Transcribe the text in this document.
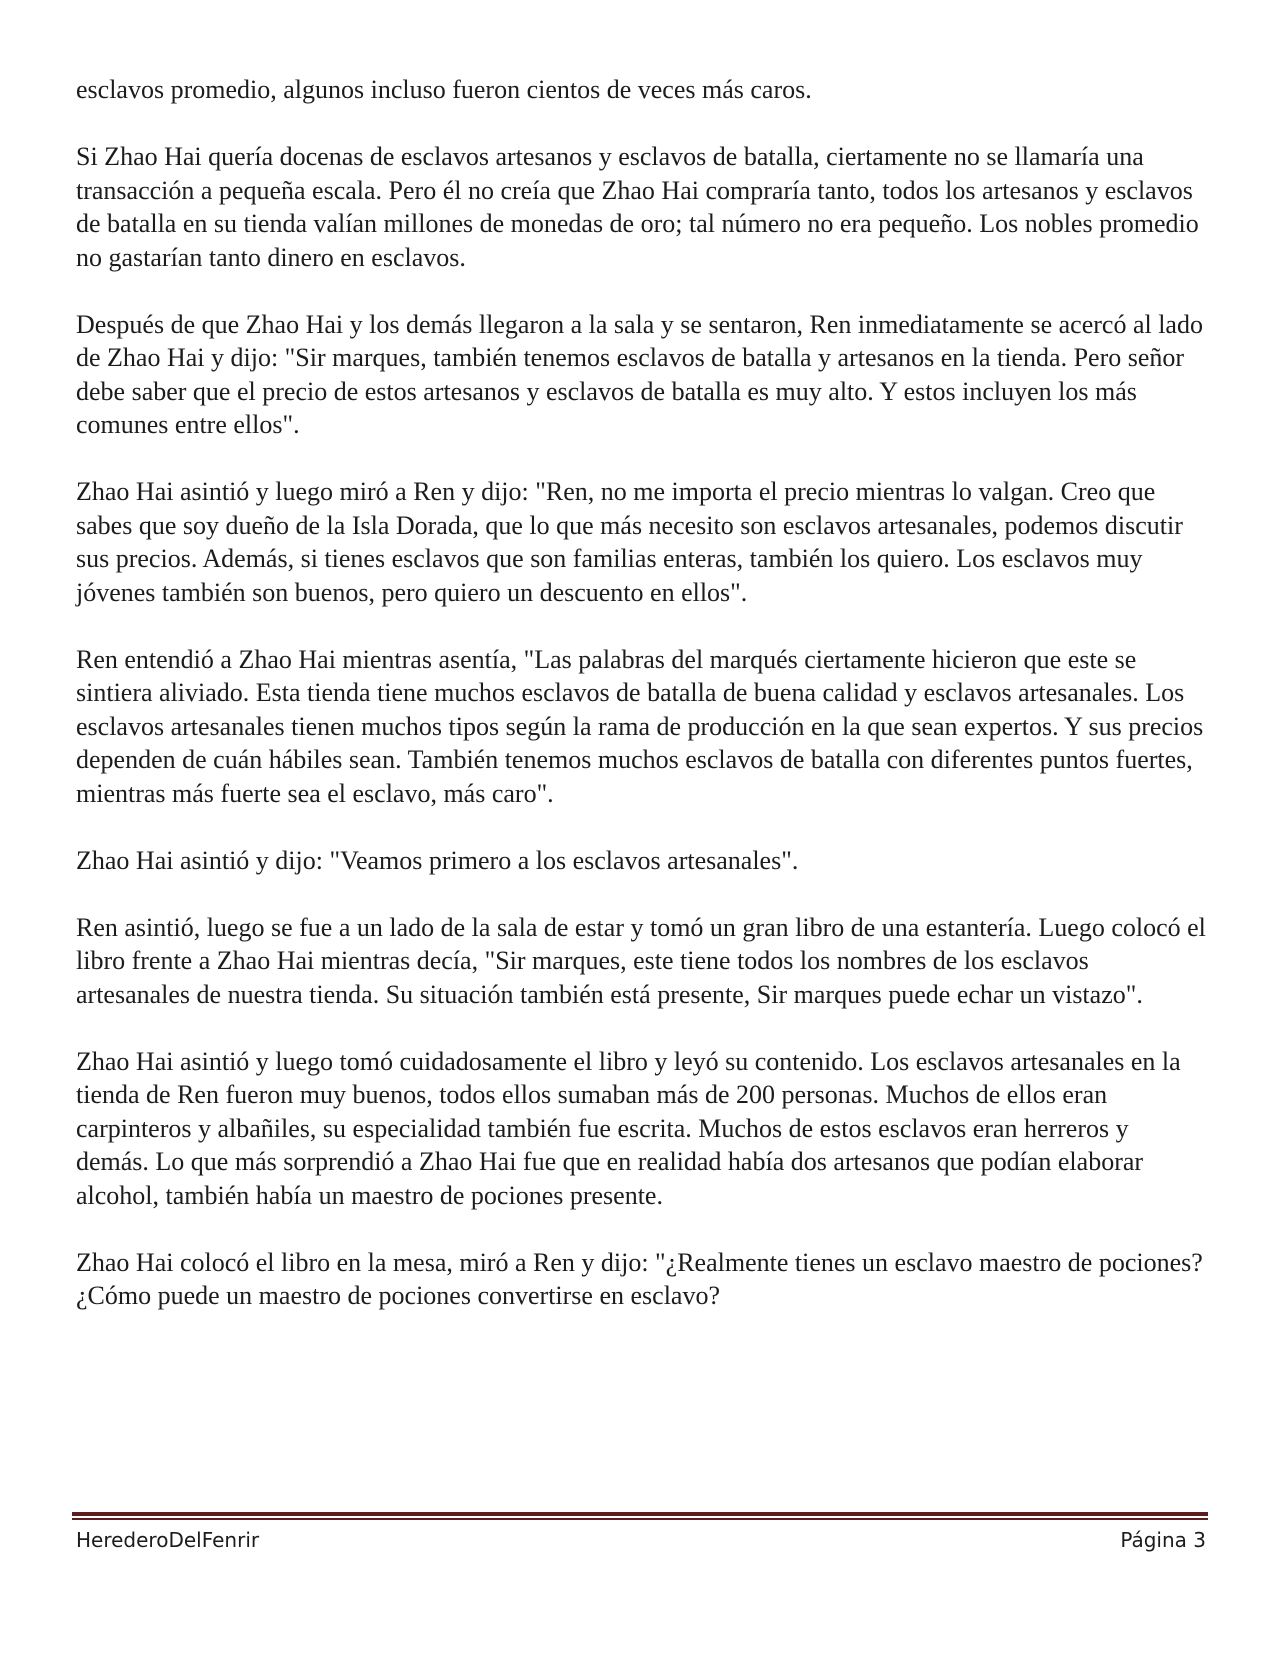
esclavos promedio, algunos incluso fueron cientos de veces más caros.

Si Zhao Hai quería docenas de esclavos artesanos y esclavos de batalla, ciertamente no se llamaría una transacción a pequeña escala. Pero él no creía que Zhao Hai compraría tanto, todos los artesanos y esclavos de batalla en su tienda valían millones de monedas de oro; tal número no era pequeño. Los nobles promedio no gastarían tanto dinero en esclavos.

Después de que Zhao Hai y los demás llegaron a la sala y se sentaron, Ren inmediatamente se acercó al lado de Zhao Hai y dijo: "Sir marques, también tenemos esclavos de batalla y artesanos en la tienda. Pero señor debe saber que el precio de estos artesanos y esclavos de batalla es muy alto. Y estos incluyen los más comunes entre ellos".

Zhao Hai asintió y luego miró a Ren y dijo: "Ren, no me importa el precio mientras lo valgan. Creo que sabes que soy dueño de la Isla Dorada, que lo que más necesito son esclavos artesanales, podemos discutir sus precios. Además, si tienes esclavos que son familias enteras, también los quiero. Los esclavos muy jóvenes también son buenos, pero quiero un descuento en ellos".

Ren entendió a Zhao Hai mientras asentía, "Las palabras del marqués ciertamente hicieron que este se sintiera aliviado. Esta tienda tiene muchos esclavos de batalla de buena calidad y esclavos artesanales. Los esclavos artesanales tienen muchos tipos según la rama de producción en la que sean expertos. Y sus precios dependen de cuán hábiles sean. También tenemos muchos esclavos de batalla con diferentes puntos fuertes, mientras más fuerte sea el esclavo, más caro".

Zhao Hai asintió y dijo: "Veamos primero a los esclavos artesanales".

Ren asintió, luego se fue a un lado de la sala de estar y tomó un gran libro de una estantería. Luego colocó el libro frente a Zhao Hai mientras decía, "Sir marques, este tiene todos los nombres de los esclavos artesanales de nuestra tienda. Su situación también está presente, Sir marques puede echar un vistazo".

Zhao Hai asintió y luego tomó cuidadosamente el libro y leyó su contenido. Los esclavos artesanales en la tienda de Ren fueron muy buenos, todos ellos sumaban más de 200 personas. Muchos de ellos eran carpinteros y albañiles, su especialidad también fue escrita. Muchos de estos esclavos eran herreros y demás. Lo que más sorprendió a Zhao Hai fue que en realidad había dos artesanos que podían elaborar alcohol, también había un maestro de pociones presente.

Zhao Hai colocó el libro en la mesa, miró a Ren y dijo: "¿Realmente tienes un esclavo maestro de pociones? ¿Cómo puede un maestro de pociones convertirse en esclavo?

HerederoDelFenrir	Página 3
